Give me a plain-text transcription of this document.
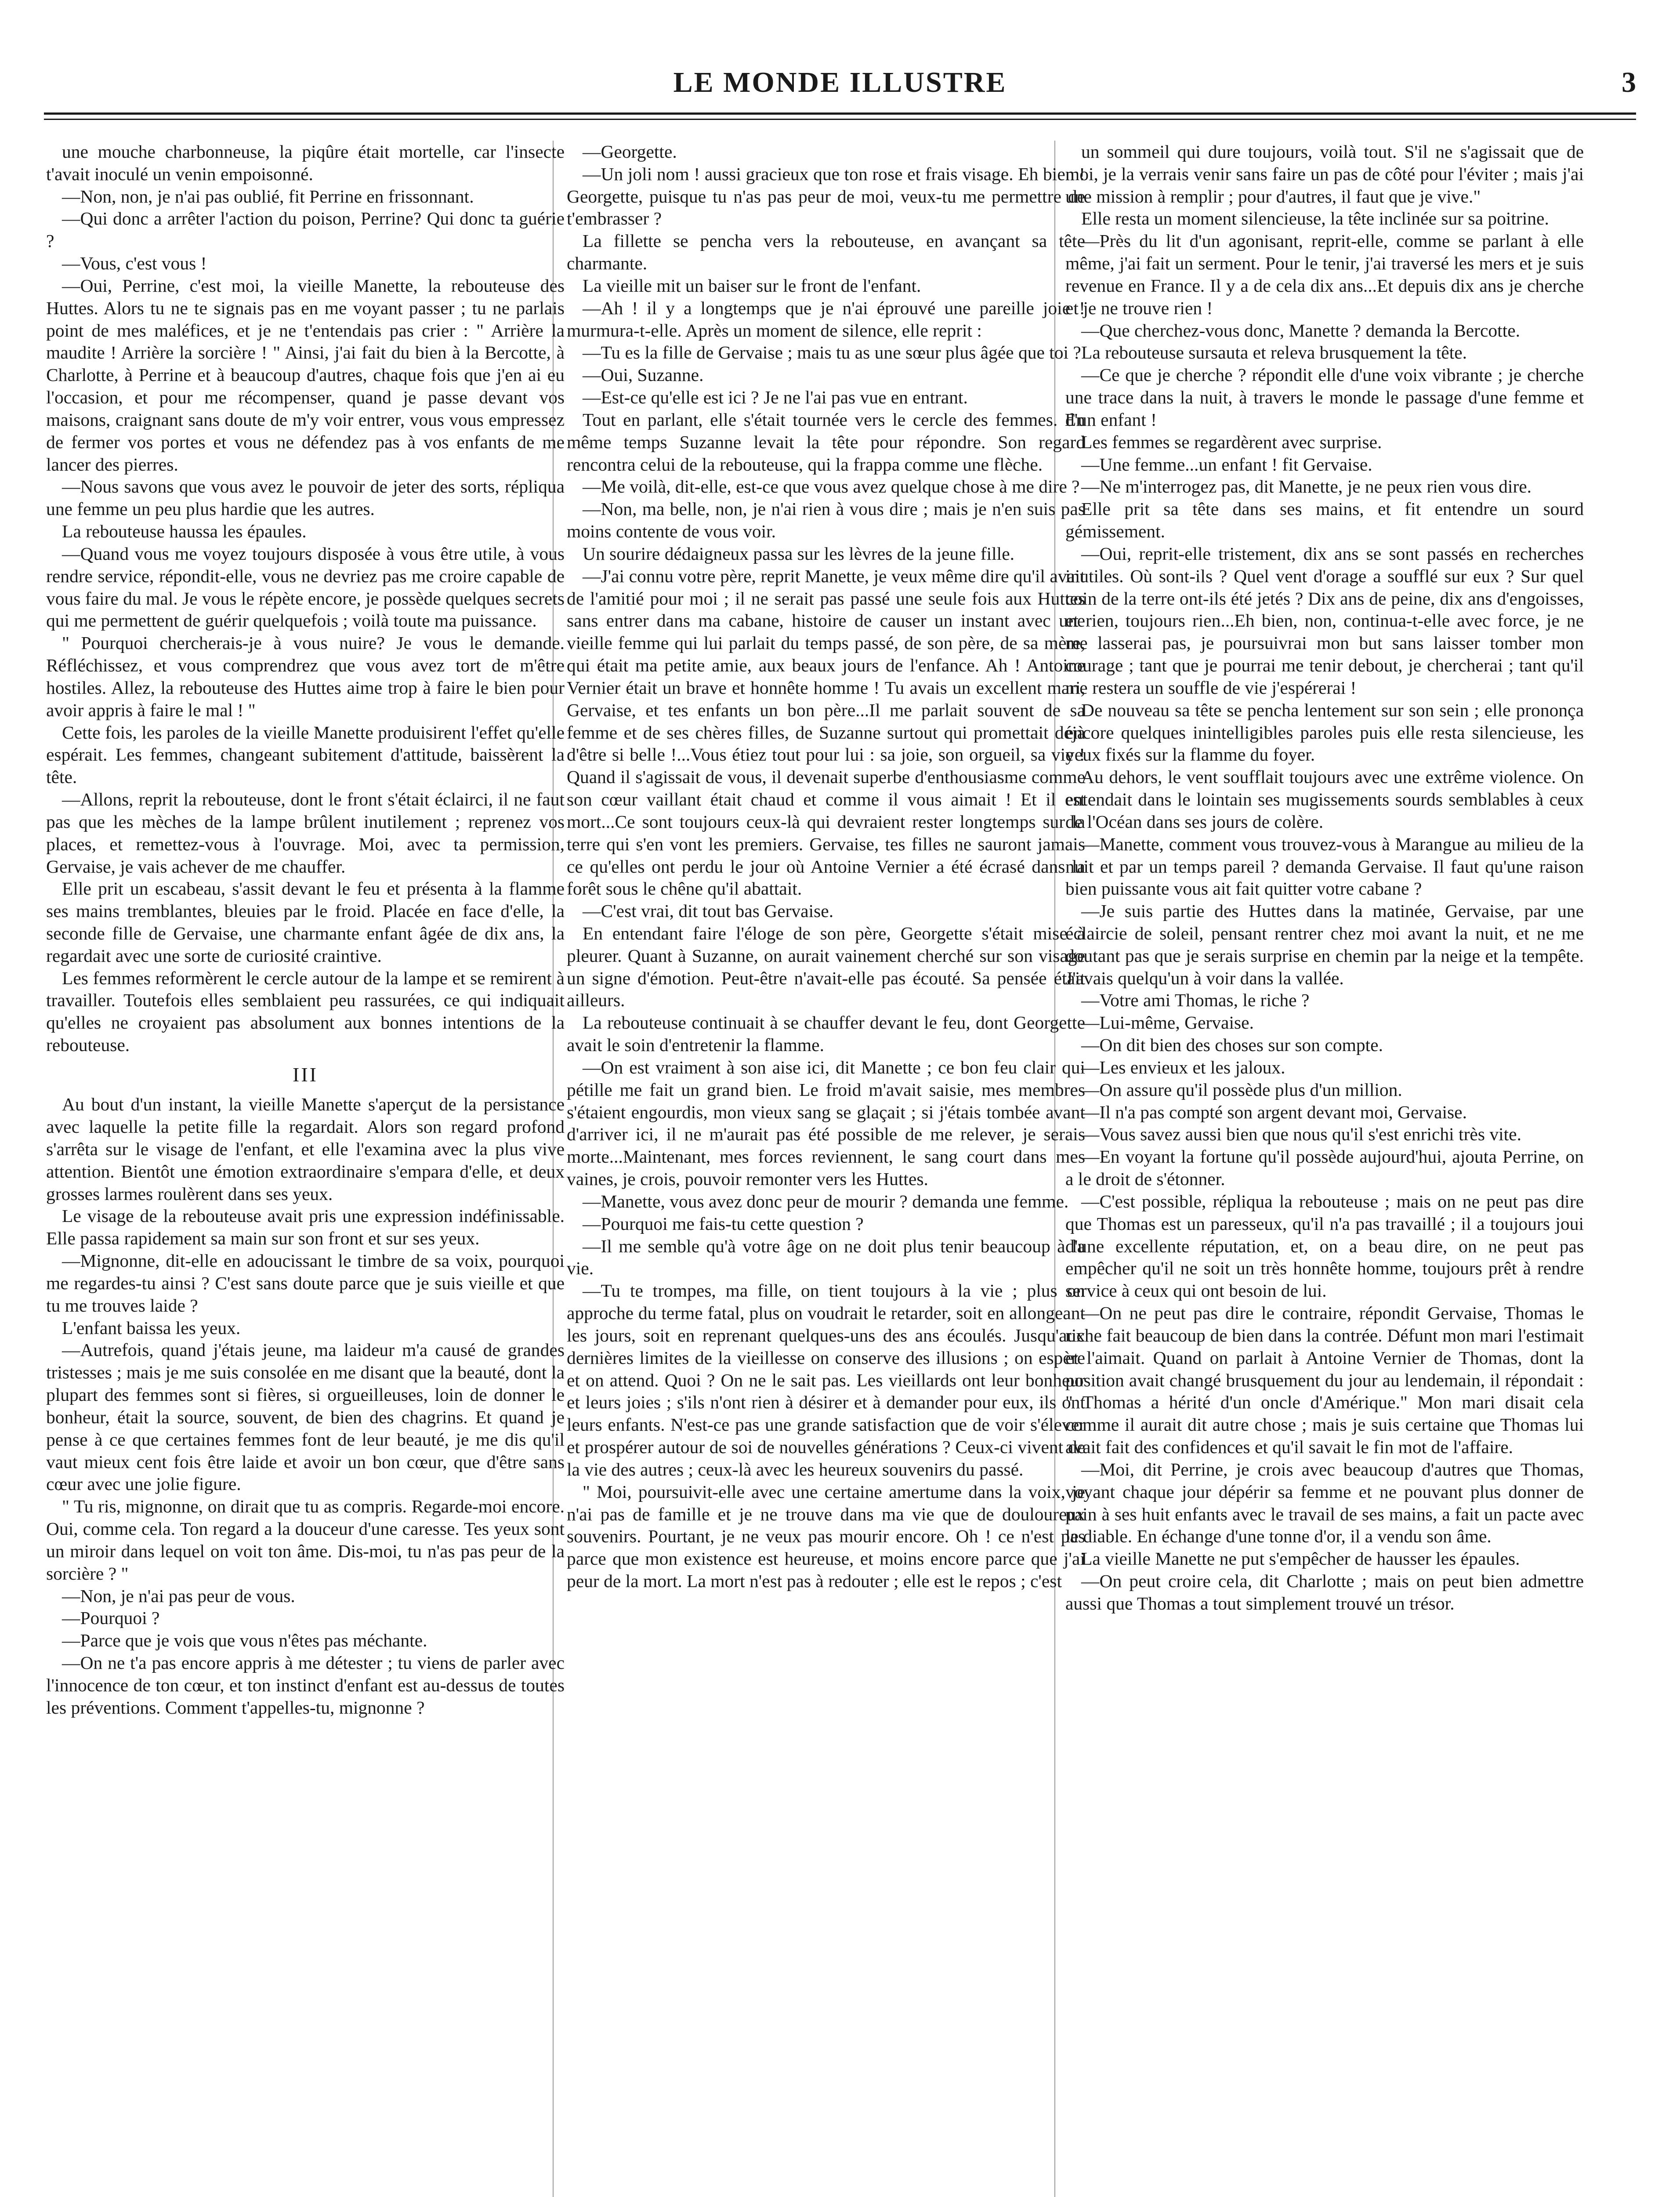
LE MONDE ILLUSTRE	3

une mouche charbonneuse, la piqûre était mortelle, car l'insecte t'avait inoculé un venin empoisonné.

—Non, non, je n'ai pas oublié, fit Perrine en frissonnant.

—Qui donc a arrêter l'action du poison, Perrine? Qui donc ta guérie ?

—Vous, c'est vous !

—Oui, Perrine, c'est moi, la vieille Manette, la rebouteuse des Huttes. Alors tu ne te signais pas en me voyant passer ; tu ne parlais point de mes maléfices, et je ne t'entendais pas crier : " Arrière la maudite ! Arrière la sorcière ! " Ainsi, j'ai fait du bien à la Bercotte, à Charlotte, à Perrine et à beaucoup d'autres, chaque fois que j'en ai eu l'occasion, et pour me récompenser, quand je passe devant vos maisons, craignant sans doute de m'y voir entrer, vous vous empressez de fermer vos portes et vous ne défendez pas à vos enfants de me lancer des pierres.

—Nous savons que vous avez le pouvoir de jeter des sorts, répliqua une femme un peu plus hardie que les autres.

La rebouteuse haussa les épaules.

—Quand vous me voyez toujours disposée à vous être utile, à vous rendre service, répondit-elle, vous ne devriez pas me croire capable de vous faire du mal. Je vous le répète encore, je possède quelques secrets qui me permettent de guérir quelquefois ; voilà toute ma puissance.

" Pourquoi chercherais-je à vous nuire? Je vous le demande. Réfléchissez, et vous comprendrez que vous avez tort de m'être hostiles. Allez, la rebouteuse des Huttes aime trop à faire le bien pour avoir appris à faire le mal ! "

Cette fois, les paroles de la vieille Manette produisirent l'effet qu'elle espérait. Les femmes, changeant subitement d'attitude, baissèrent la tête.

—Allons, reprit la rebouteuse, dont le front s'était éclairci, il ne faut pas que les mèches de la lampe brûlent inutilement ; reprenez vos places, et remettez-vous à l'ouvrage. Moi, avec ta permission, Gervaise, je vais achever de me chauffer.

Elle prit un escabeau, s'assit devant le feu et présenta à la flamme ses mains tremblantes, bleuies par le froid. Placée en face d'elle, la seconde fille de Gervaise, une charmante enfant âgée de dix ans, la regardait avec une sorte de curiosité craintive.

Les femmes reformèrent le cercle autour de la lampe et se remirent à travailler. Toutefois elles semblaient peu rassurées, ce qui indiquait qu'elles ne croyaient pas absolument aux bonnes intentions de la rebouteuse.

III

Au bout d'un instant, la vieille Manette s'aperçut de la persistance avec laquelle la petite fille la regardait. Alors son regard profond s'arrêta sur le visage de l'enfant, et elle l'examina avec la plus vive attention. Bientôt une émotion extraordinaire s'empara d'elle, et deux grosses larmes roulèrent dans ses yeux.

Le visage de la rebouteuse avait pris une expression indéfinissable. Elle passa rapidement sa main sur son front et sur ses yeux.

—Mignonne, dit-elle en adoucissant le timbre de sa voix, pourquoi me regardes-tu ainsi ? C'est sans doute parce que je suis vieille et que tu me trouves laide ?

L'enfant baissa les yeux.

—Autrefois, quand j'étais jeune, ma laideur m'a causé de grandes tristesses ; mais je me suis consolée en me disant que la beauté, dont la plupart des femmes sont si fières, si orgueilleuses, loin de donner le bonheur, était la source, souvent, de bien des chagrins. Et quand je pense à ce que certaines femmes font de leur beauté, je me dis qu'il vaut mieux cent fois être laide et avoir un bon cœur, que d'être sans cœur avec une jolie figure.

" Tu ris, mignonne, on dirait que tu as compris. Regarde-moi encore. Oui, comme cela. Ton regard a la douceur d'une caresse. Tes yeux sont un miroir dans lequel on voit ton âme. Dis-moi, tu n'as pas peur de la sorcière ? "

—Non, je n'ai pas peur de vous.

—Pourquoi ?

—Parce que je vois que vous n'êtes pas méchante.

—On ne t'a pas encore appris à me détester ; tu viens de parler avec l'innocence de ton cœur, et ton instinct d'enfant est au-dessus de toutes les préventions. Comment t'appelles-tu, mignonne ?

—Georgette.

—Un joli nom ! aussi gracieux que ton rose et frais visage. Eh bien ! Georgette, puisque tu n'as pas peur de moi, veux-tu me permettre de t'embrasser ?

La fillette se pencha vers la rebouteuse, en avançant sa tête charmante.

La vieille mit un baiser sur le front de l'enfant.

—Ah ! il y a longtemps que je n'ai éprouvé une pareille joie ! murmura-t-elle. Après un moment de silence, elle reprit :

—Tu es la fille de Gervaise ; mais tu as une sœur plus âgée que toi ?

—Oui, Suzanne.

—Est-ce qu'elle est ici ? Je ne l'ai pas vue en entrant.

Tout en parlant, elle s'était tournée vers le cercle des femmes. En même temps Suzanne levait la tête pour répondre. Son regard rencontra celui de la rebouteuse, qui la frappa comme une flèche.

—Me voilà, dit-elle, est-ce que vous avez quelque chose à me dire ?

—Non, ma belle, non, je n'ai rien à vous dire ; mais je n'en suis pas moins contente de vous voir.

Un sourire dédaigneux passa sur les lèvres de la jeune fille.

—J'ai connu votre père, reprit Manette, je veux même dire qu'il avait de l'amitié pour moi ; il ne serait pas passé une seule fois aux Huttes sans entrer dans ma cabane, histoire de causer un instant avec une vieille femme qui lui parlait du temps passé, de son père, de sa mère, qui était ma petite amie, aux beaux jours de l'enfance. Ah ! Antoine Vernier était un brave et honnête homme ! Tu avais un excellent mari, Gervaise, et tes enfants un bon père...Il me parlait souvent de sa femme et de ses chères filles, de Suzanne surtout qui promettait déjà d'être si belle !...Vous étiez tout pour lui : sa joie, son orgueil, sa vie ! Quand il s'agissait de vous, il devenait superbe d'enthousiasme comme son cœur vaillant était chaud et comme il vous aimait ! Et il est mort...Ce sont toujours ceux-là qui devraient rester longtemps sur la terre qui s'en vont les premiers. Gervaise, tes filles ne sauront jamais ce qu'elles ont perdu le jour où Antoine Vernier a été écrasé dans la forêt sous le chêne qu'il abattait.

—C'est vrai, dit tout bas Gervaise.

En entendant faire l'éloge de son père, Georgette s'était mise à pleurer. Quant à Suzanne, on aurait vainement cherché sur son visage un signe d'émotion. Peut-être n'avait-elle pas écouté. Sa pensée était ailleurs.

La rebouteuse continuait à se chauffer devant le feu, dont Georgette avait le soin d'entretenir la flamme.

—On est vraiment à son aise ici, dit Manette ; ce bon feu clair qui pétille me fait un grand bien. Le froid m'avait saisie, mes membres s'étaient engourdis, mon vieux sang se glaçait ; si j'étais tombée avant d'arriver ici, il ne m'aurait pas été possible de me relever, je serais morte...Maintenant, mes forces reviennent, le sang court dans mes vaines, je crois, pouvoir remonter vers les Huttes.

—Manette, vous avez donc peur de mourir ? demanda une femme.

—Pourquoi me fais-tu cette question ?

—Il me semble qu'à votre âge on ne doit plus tenir beaucoup à la vie.

—Tu te trompes, ma fille, on tient toujours à la vie ; plus on approche du terme fatal, plus on voudrait le retarder, soit en allongeant les jours, soit en reprenant quelques-uns des ans écoulés. Jusqu'aux dernières limites de la vieillesse on conserve des illusions ; on espère et on attend. Quoi ? On ne le sait pas. Les vieillards ont leur bonheur et leurs joies ; s'ils n'ont rien à désirer et à demander pour eux, ils ont leurs enfants. N'est-ce pas une grande satisfaction que de voir s'élever et prospérer autour de soi de nouvelles générations ? Ceux-ci vivent de la vie des autres ; ceux-là avec les heureux souvenirs du passé.

" Moi, poursuivit-elle avec une certaine amertume dans la voix, je n'ai pas de famille et je ne trouve dans ma vie que de douloureux souvenirs. Pourtant, je ne veux pas mourir encore. Oh ! ce n'est pas parce que mon existence est heureuse, et moins encore parce que j'ai peur de la mort. La mort n'est pas à redouter ; elle est le repos ; c'est

un sommeil qui dure toujours, voilà tout. S'il ne s'agissait que de moi, je la verrais venir sans faire un pas de côté pour l'éviter ; mais j'ai une mission à remplir ; pour d'autres, il faut que je vive."

Elle resta un moment silencieuse, la tête inclinée sur sa poitrine.

—Près du lit d'un agonisant, reprit-elle, comme se parlant à elle même, j'ai fait un serment. Pour le tenir, j'ai traversé les mers et je suis revenue en France. Il y a de cela dix ans...Et depuis dix ans je cherche et je ne trouve rien !

—Que cherchez-vous donc, Manette ? demanda la Bercotte.

La rebouteuse sursauta et releva brusquement la tête.

—Ce que je cherche ? répondit elle d'une voix vibrante ; je cherche une trace dans la nuit, à travers le monde le passage d'une femme et d'un enfant !

Les femmes se regardèrent avec surprise.

—Une femme...un enfant ! fit Gervaise.

—Ne m'interrogez pas, dit Manette, je ne peux rien vous dire.

Elle prit sa tête dans ses mains, et fit entendre un sourd gémissement.

—Oui, reprit-elle tristement, dix ans se sont passés en recherches inutiles. Où sont-ils ? Quel vent d'orage a soufflé sur eux ? Sur quel coin de la terre ont-ils été jetés ? Dix ans de peine, dix ans d'engoisses, et rien, toujours rien...Eh bien, non, continua-t-elle avec force, je ne me lasserai pas, je poursuivrai mon but sans laisser tomber mon courage ; tant que je pourrai me tenir debout, je chercherai ; tant qu'il me restera un souffle de vie j'espérerai !

De nouveau sa tête se pencha lentement sur son sein ; elle prononça encore quelques inintelligibles paroles puis elle resta silencieuse, les yeux fixés sur la flamme du foyer.

Au dehors, le vent soufflait toujours avec une extrême violence. On entendait dans le lointain ses mugissements sourds semblables à ceux de l'Océan dans ses jours de colère.

—Manette, comment vous trouvez-vous à Marangue au milieu de la nuit et par un temps pareil ? demanda Gervaise. Il faut qu'une raison bien puissante vous ait fait quitter votre cabane ?

—Je suis partie des Huttes dans la matinée, Gervaise, par une éclaircie de soleil, pensant rentrer chez moi avant la nuit, et ne me doutant pas que je serais surprise en chemin par la neige et la tempête. J'avais quelqu'un à voir dans la vallée.

—Votre ami Thomas, le riche ?

—Lui-même, Gervaise.

—On dit bien des choses sur son compte.

—Les envieux et les jaloux.

—On assure qu'il possède plus d'un million.

—Il n'a pas compté son argent devant moi, Gervaise.

—Vous savez aussi bien que nous qu'il s'est enrichi très vite.

—En voyant la fortune qu'il possède aujourd'hui, ajouta Perrine, on a le droit de s'étonner.

—C'est possible, répliqua la rebouteuse ; mais on ne peut pas dire que Thomas est un paresseux, qu'il n'a pas travaillé ; il a toujours joui d'une excellente réputation, et, on a beau dire, on ne peut pas empêcher qu'il ne soit un très honnête homme, toujours prêt à rendre service à ceux qui ont besoin de lui.

—On ne peut pas dire le contraire, répondit Gervaise, Thomas le riche fait beaucoup de bien dans la contrée. Défunt mon mari l'estimait et l'aimait. Quand on parlait à Antoine Vernier de Thomas, dont la position avait changé brusquement du jour au lendemain, il répondait : " Thomas a hérité d'un oncle d'Amérique." Mon mari disait cela comme il aurait dit autre chose ; mais je suis certaine que Thomas lui avait fait des confidences et qu'il savait le fin mot de l'affaire.

—Moi, dit Perrine, je crois avec beaucoup d'autres que Thomas, voyant chaque jour dépérir sa femme et ne pouvant plus donner de pain à ses huit enfants avec le travail de ses mains, a fait un pacte avec le diable. En échange d'une tonne d'or, il a vendu son âme.

La vieille Manette ne put s'empêcher de hausser les épaules.

—On peut croire cela, dit Charlotte ; mais on peut bien admettre aussi que Thomas a tout simplement trouvé un trésor.
